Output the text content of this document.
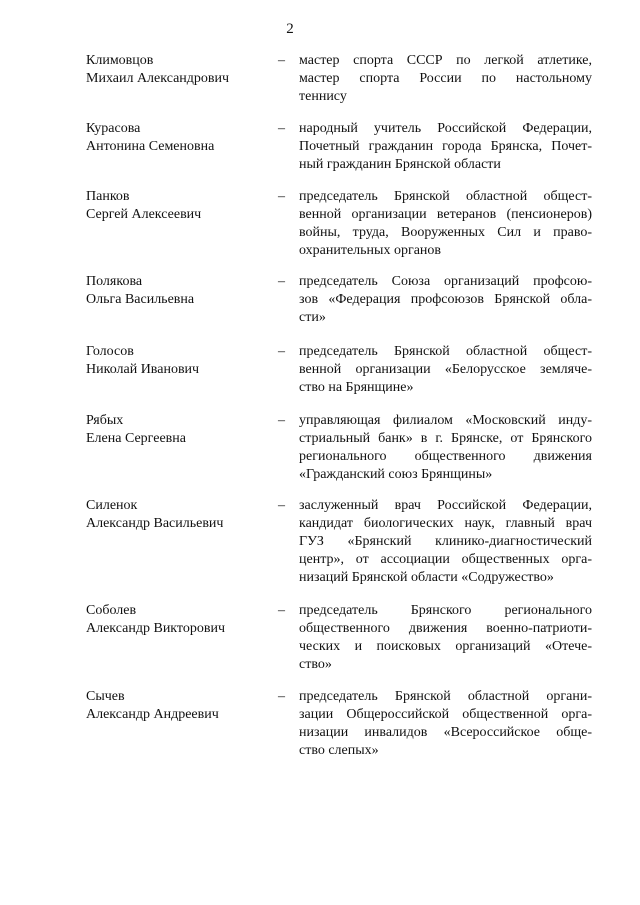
2
Климовцов
Михаил Александрович
– мастер спорта СССР по легкой атлетике,
мастер спорта России по настольному
теннису
Курасова
Антонина Семеновна
– народный учитель Российской Федерации,
Почетный гражданин города Брянска, Почет-
ный гражданин Брянской области
Панков
Сергей Алексеевич
– председатель Брянской областной общест-
венной организации ветеранов (пенсионеров)
войны, труда, Вооруженных Сил и право-
охранительных органов
Полякова
Ольга Васильевна
– председатель Союза организаций профсою-
зов «Федерация профсоюзов Брянской обла-
сти»
Голосов
Николай Иванович
– председатель Брянской областной общест-
венной организации «Белорусское земляче-
ство на Брянщине»
Рябых
Елена Сергеевна
– управляющая филиалом «Московский инду-
стриальный банк» в г. Брянске, от Брянского
регионального общественного движения
«Гражданский союз Брянщины»
Силенок
Александр Васильевич
– заслуженный врач Российской Федерации,
кандидат биологических наук, главный врач
ГУЗ «Брянский клинико-диагностический
центр», от ассоциации общественных орга-
низаций Брянской области «Содружество»
Соболев
Александр Викторович
– председатель Брянского регионального
общественного движения военно-патриоти-
ческих и поисковых организаций «Отече-
ство»
Сычев
Александр Андреевич
– председатель Брянской областной органи-
зации Общероссийской общественной орга-
низации инвалидов «Всероссийское обще-
ство слепых»
